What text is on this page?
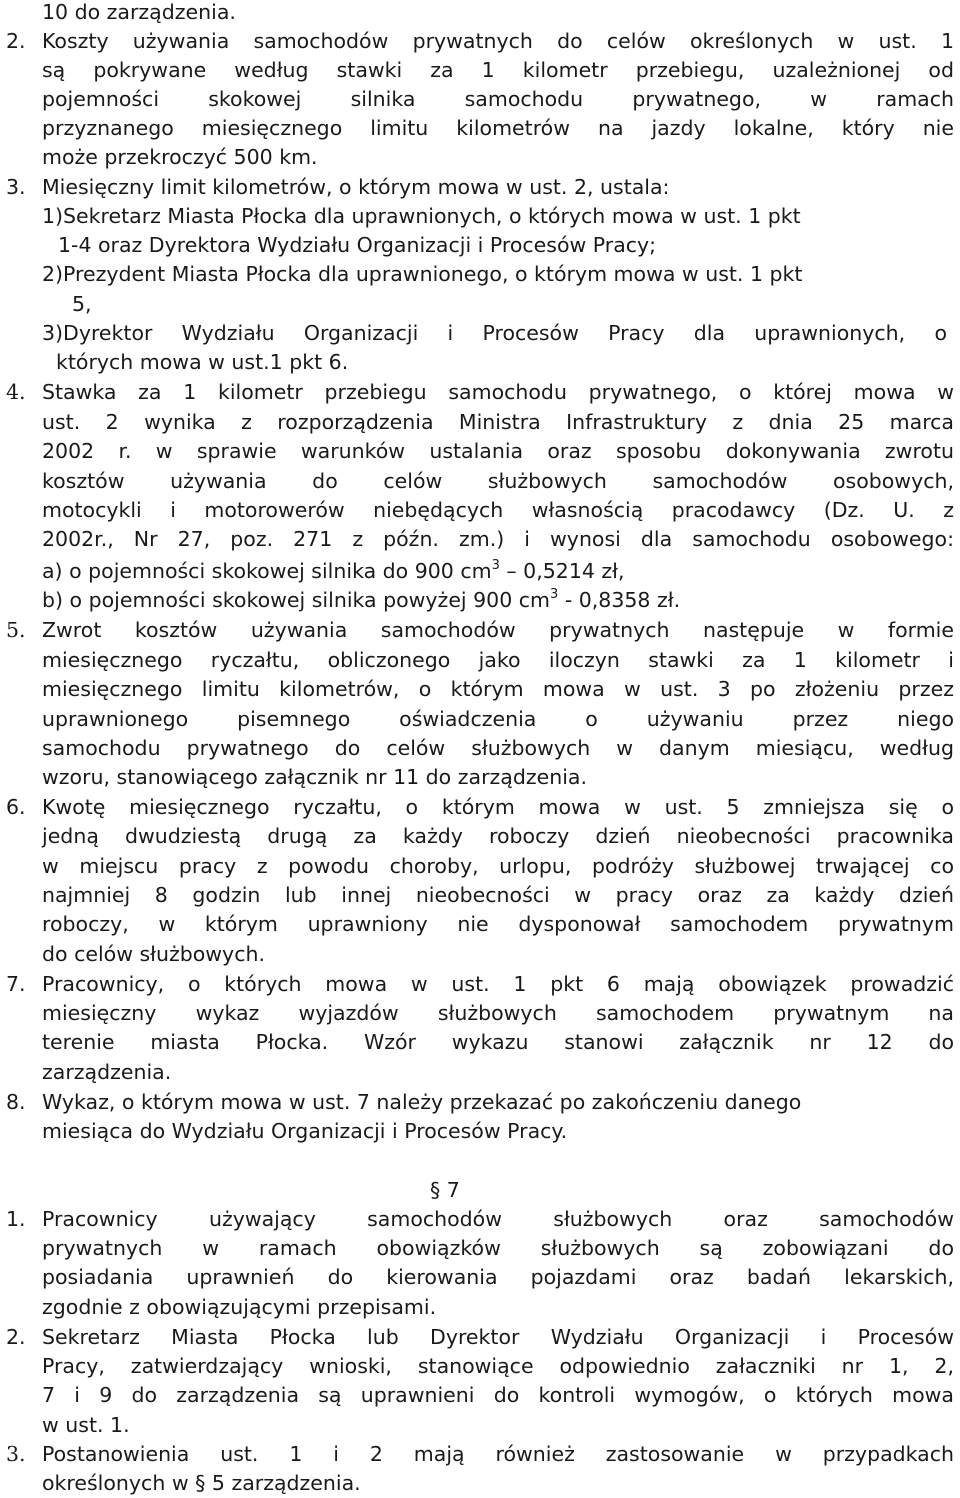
10 do zarządzenia.
2. Koszty używania samochodów prywatnych do celów określonych w ust. 1
są pokrywane według stawki za 1 kilometr przebiegu, uzależnionej od
pojemności skokowej silnika samochodu prywatnego, w ramach
przyznanego miesięcznego limitu kilometrów na jazdy lokalne, który nie
może przekroczyć 500 km.
3. Miesięczny limit kilometrów, o którym mowa w ust. 2, ustala:
1)Sekretarz Miasta Płocka dla uprawnionych, o których mowa w ust. 1 pkt
1-4 oraz Dyrektora Wydziału Organizacji i Procesów Pracy;
2)Prezydent Miasta Płocka dla uprawnionego, o którym mowa w ust. 1 pkt
5,
3)Dyrektor Wydziału Organizacji i Procesów Pracy dla uprawnionych, o
których mowa w ust.1 pkt 6.
4. Stawka za 1 kilometr przebiegu samochodu prywatnego, o której mowa w
ust. 2 wynika z rozporządzenia Ministra Infrastruktury z dnia 25 marca
2002 r. w sprawie warunków ustalania oraz sposobu dokonywania zwrotu
kosztów używania do celów służbowych samochodów osobowych,
motocykli i motorowerów niebędących własnością pracodawcy (Dz. U. z
2002r., Nr 27, poz. 271 z późn. zm.) i wynosi dla samochodu osobowego:
a) o pojemności skokowej silnika do 900 $cm^3 - 0,5214$ zł,
b) o pojemności skokowej silnika powyżej 900 $cm^3 - 0,8358$ zł.
5. Zwrot kosztów używania samochodów prywatnych następuje w formie
miesięcznego ryczałtu, obliczonego jako iloczyn stawki za 1 kilometr i
miesięcznego limitu kilometrów, o którym mowa w ust. 3 po złożeniu przez
uprawnionego pisemnego oświadczenia o używaniu przez niego
samochodu prywatnego do celów służbowych w danym miesiącu, według
wzoru, stanowiącego załącznik nr 11 do zarządzenia.
6. Kwotę miesięcznego ryczałtu, o którym mowa w ust. 5 zmniejsza się o
jedną dwudziestą drugą za każdy roboczy dzień nieobecności pracownika
w miejscu pracy z powodu choroby, urlopu, podróży służbowej trwającej co
najmniej 8 godzin lub innej nieobecności w pracy oraz za każdy dzień
roboczy, w którym uprawniony nie dysponował samochodem prywatnym
do celów służbowych.
7. Pracownicy, o których mowa w ust. 1 pkt 6 mają obowiązek prowadzić
miesięczny wykaz wyjazdów służbowych samochodem prywatnym na
terenie miasta Płocka. Wzór wykazu stanowi załącznik nr 12 do
zarządzenia.
8. Wykaz, o którym mowa w ust. 7 należy przekazać po zakończeniu danego
miesiąca do Wydziału Organizacji i Procesów Pracy.
§ 7
1. Pracownicy używający samochodów służbowych oraz samochodów
prywatnych w ramach obowiązków służbowych są zobowiązani do
posiadania uprawnień do kierowania pojazdami oraz badań lekarskich,
zgodnie z obowiązującymi przepisami.
2. Sekretarz Miasta Płocka lub Dyrektor Wydziału Organizacji i Procesów
Pracy, zatwierdzający wnioski, stanowiące odpowiednio załaczniki nr 1, 2,
7 i 9 do zarządzenia są uprawnieni do kontroli wymogów, o których mowa
w ust. 1.
3. Postanowienia ust. 1 i 2 mają również zastosowanie w przypadkach
określonych w § 5 zarządzenia.
